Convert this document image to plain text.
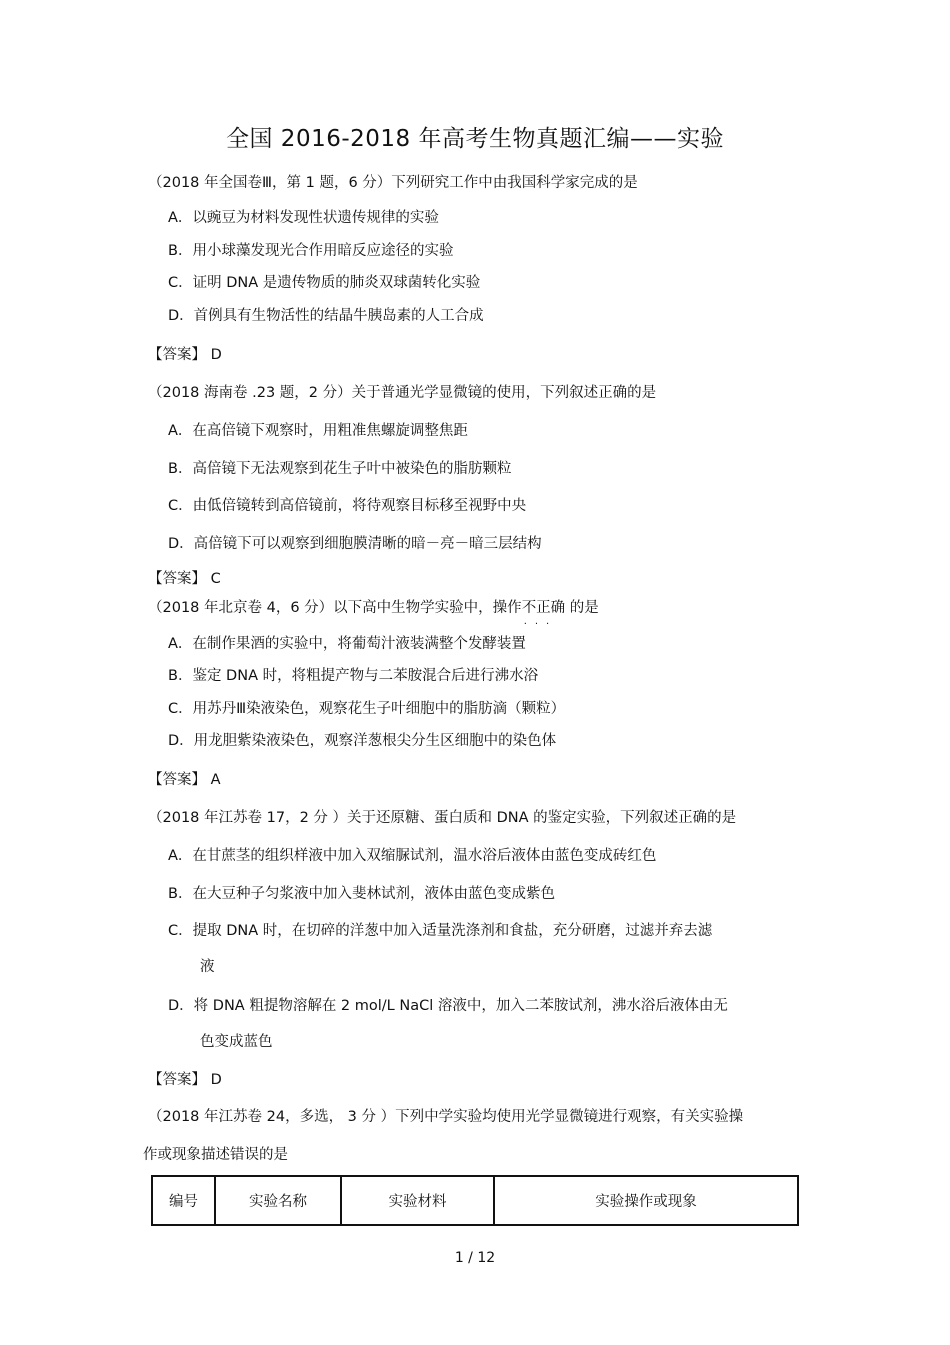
全国 2016-2018 年高考生物真题汇编——实验
（2018 年全国卷Ⅲ，第 1 题，6 分）下列研究工作中由我国科学家完成的是
A．以豌豆为材料发现性状遗传规律的实验
B．用小球藻发现光合作用暗反应途径的实验
C．证明 DNA 是遗传物质的肺炎双球菌转化实验
D．首例具有生物活性的结晶牛胰岛素的人工合成
【答案】 D
（2018 海南卷 .23 题，2 分）关于普通光学显微镜的使用，下列叙述正确的是
A．在高倍镜下观察时，用粗准焦螺旋调整焦距
B．高倍镜下无法观察到花生子叶中被染色的脂肪颗粒
C．由低倍镜转到高倍镜前，将待观察目标移至视野中央
D．高倍镜下可以观察到细胞膜清晰的暗－亮－暗三层结构
【答案】 C
（2018 年北京卷 4，6 分）以下高中生物学实验中，操作不正确
···
的是
A．在制作果酒的实验中，将葡萄汁液装满整个发酵装置
B．鉴定 DNA 时，将粗提产物与二苯胺混合后进行沸水浴
C．用苏丹Ⅲ染液染色，观察花生子叶细胞中的脂肪滴（颗粒）
D．用龙胆紫染液染色，观察洋葱根尖分生区细胞中的染色体
【答案】 A
（2018 年江苏卷 17，2 分 ）关于还原糖、蛋白质和 DNA 的鉴定实验，下列叙述正确的是
A．在甘蔗茎的组织样液中加入双缩脲试剂，温水浴后液体由蓝色变成砖红色
B．在大豆种子匀浆液中加入斐林试剂，液体由蓝色变成紫色
C．提取 DNA 时，在切碎的洋葱中加入适量洗涤剂和食盐，充分研磨，过滤并弃去滤
液
D．将 DNA 粗提物溶解在 2 mol/L NaCl 溶液中，加入二苯胺试剂，沸水浴后液体由无
色变成蓝色
【答案】 D
（2018 年江苏卷 24，多选， 3 分 ）下列中学实验均使用光学显微镜进行观察，有关实验操
作或现象描述错误的是
编号	实验名称	实验材料	实验操作或现象
1 / 12
